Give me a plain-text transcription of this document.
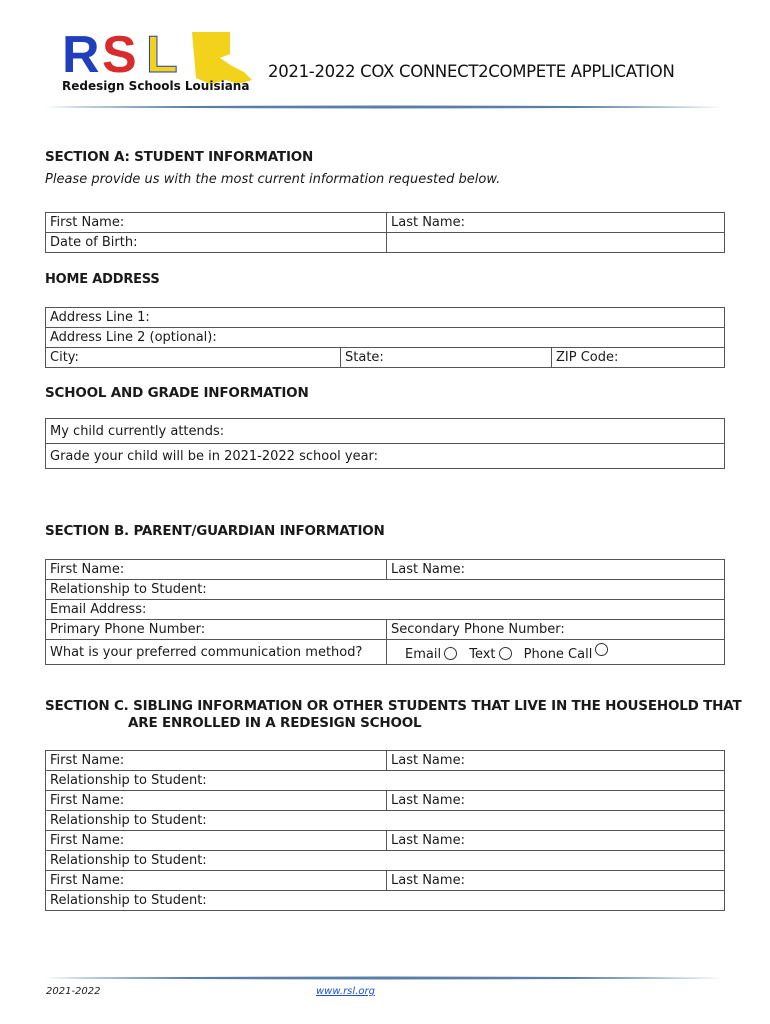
R S L
Redesign Schools Louisiana
2021-2022 COX CONNECT2COMPETE APPLICATION
SECTION A: STUDENT INFORMATION
Please provide us with the most current information requested below.
First Name:	Last Name:
Date of Birth:	
HOME ADDRESS
Address Line 1:
Address Line 2 (optional):
City:	State:	ZIP Code:
SCHOOL AND GRADE INFORMATION
My child currently attends:
Grade your child will be in 2021-2022 school year:
SECTION B. PARENT/GUARDIAN INFORMATION
First Name:	Last Name:
Relationship to Student:	
Email Address:	
Primary Phone Number:	Secondary Phone Number:
What is your preferred communication method?	Email Text Phone Call
SECTION C. SIBLING INFORMATION OR OTHER STUDENTS THAT LIVE IN THE HOUSEHOLD THAT
ARE ENROLLED IN A REDESIGN SCHOOL
First Name:	Last Name:
Relationship to Student:	
First Name:	Last Name:
Relationship to Student:	
First Name:	Last Name:
Relationship to Student:	
First Name:	Last Name:
Relationship to Student:	
2021-2022	www.rsl.org
